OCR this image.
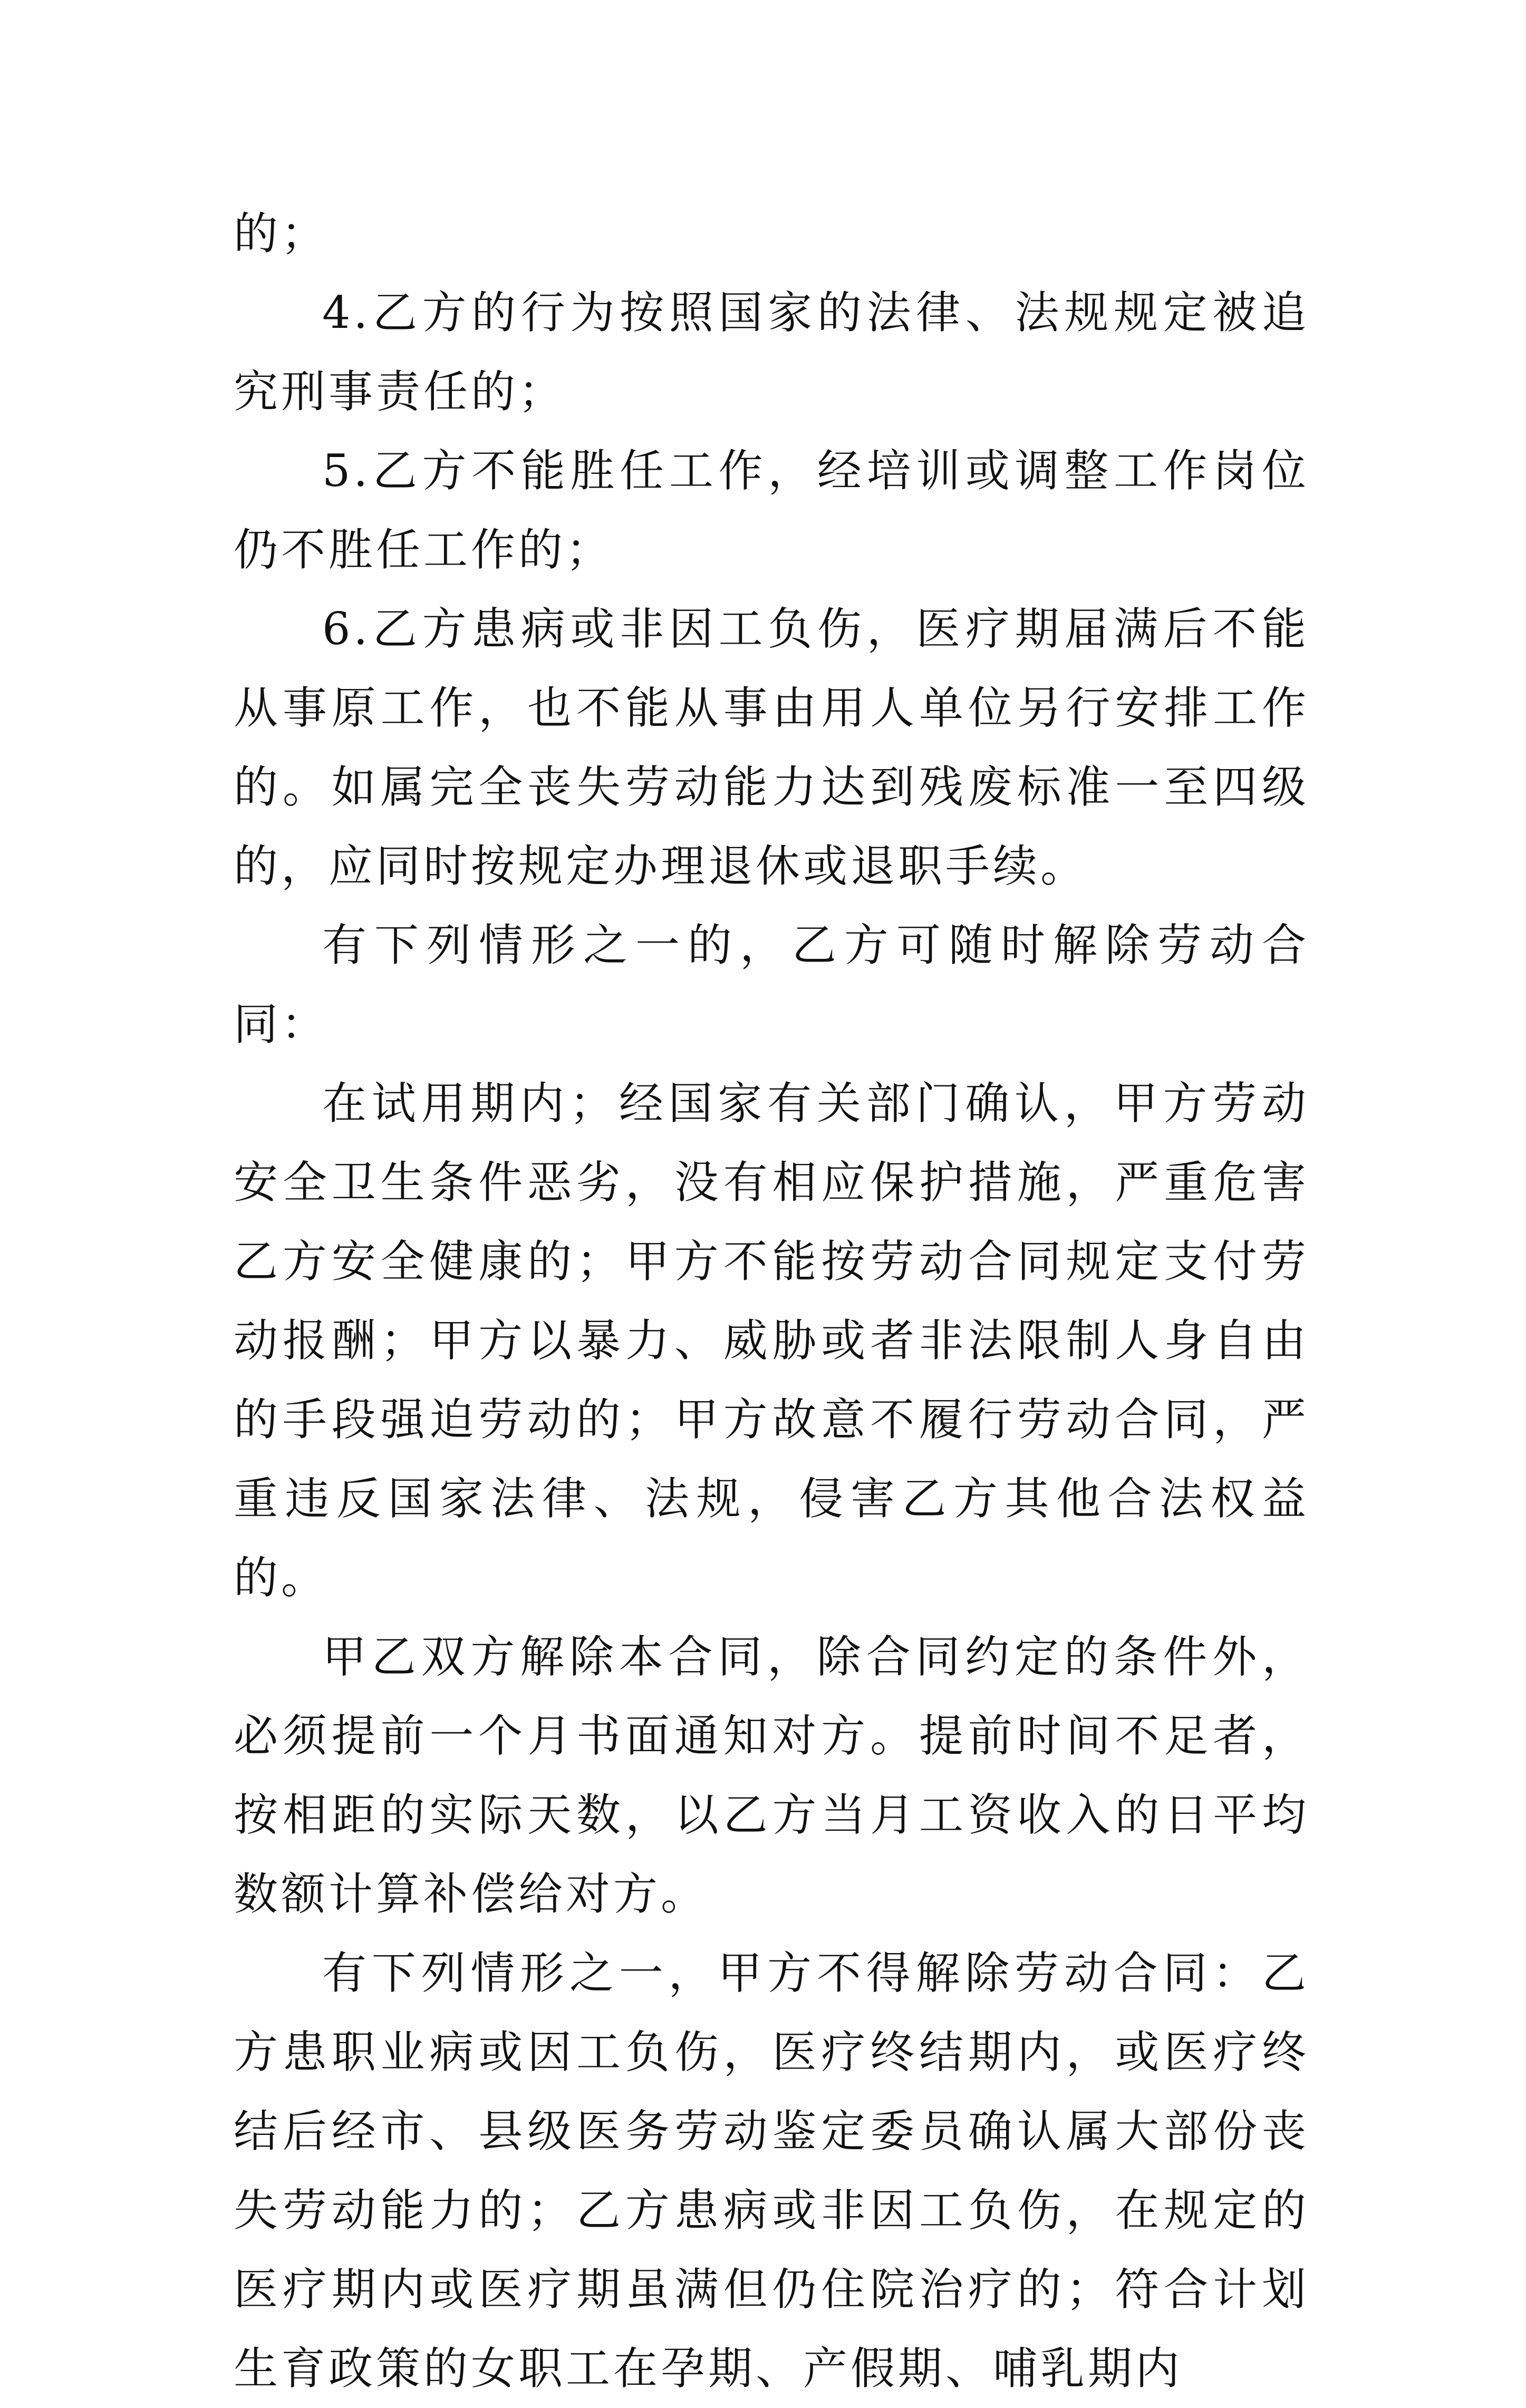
的；

4.乙方的行为按照国家的法律、法规规定被追究刑事责任的；

5.乙方不能胜任工作，经培训或调整工作岗位仍不胜任工作的；

6.乙方患病或非因工负伤，医疗期届满后不能从事原工作，也不能从事由用人单位另行安排工作的。如属完全丧失劳动能力达到残废标准一至四级的，应同时按规定办理退休或退职手续。

有下列情形之一的，乙方可随时解除劳动合同：

在试用期内；经国家有关部门确认，甲方劳动安全卫生条件恶劣，没有相应保护措施，严重危害乙方安全健康的；甲方不能按劳动合同规定支付劳动报酬；甲方以暴力、威胁或者非法限制人身自由的手段强迫劳动的；甲方故意不履行劳动合同，严重违反国家法律、法规，侵害乙方其他合法权益的。

甲乙双方解除本合同，除合同约定的条件外，必须提前一个月书面通知对方。提前时间不足者，按相距的实际天数，以乙方当月工资收入的日平均数额计算补偿给对方。

有下列情形之一，甲方不得解除劳动合同：乙方患职业病或因工负伤，医疗终结期内，或医疗终结后经市、县级医务劳动鉴定委员确认属大部份丧失劳动能力的；乙方患病或非因工负伤，在规定的医疗期内或医疗期虽满但仍住院治疗的；符合计划生育政策的女职工在孕期、产假期、哺乳期内
